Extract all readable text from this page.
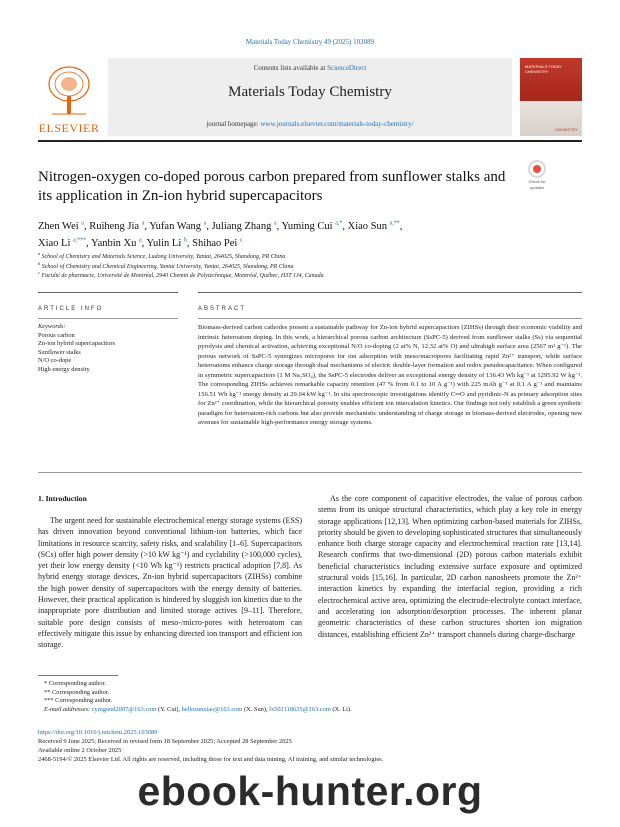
Materials Today Chemistry 49 (2025) 103089
ELSEVIER
Contents lists available at ScienceDirect
Materials Today Chemistry
journal homepage: www.journals.elsevier.com/materials-today-chemistry/
MATERIALS TODAY CHEMISTRY
CHEMISTRY
Nitrogen-oxygen co-doped porous carbon prepared from sunflower stalks and its application in Zn-ion hybrid supercapacitors
Check for
updates
Zhen Wei $^a$, Ruiheng Jia $^a$, Yufan Wang $^a$, Juliang Zhang $^a$, Yuming Cui $^{a,*}$, Xiao Sun $^{a,**}$,
Xiao Li $^{a,***}$, Yanbin Xu $^a$, Yulin Li $^b$, Shihao Pei $^c$
$^a$ School of Chemistry and Materials Science, Ludong University, Yantai, 264025, Shandong, PR China
$^b$ School of Chemistry and Chemical Engineering, Yantai University, Yantai, 264025, Shandong, PR China
$^c$ Faculté de pharmacie, Université de Montréal, 2940 Chemin de Polytechnique, Montréal, Québec, H3T 1J4, Canada
ARTICLE INFO	ABSTRACT
Keywords:
Porous carbon
Zn-ion hybrid supercapacitors
Sunflower stalks
N/O co-dope
High energy density
Biomass-derived carbon cathodes present a sustainable pathway for Zn-ion hybrid supercapacitors (ZIHSs) through their economic viability and intrinsic heteroatom doping. In this work, a hierarchical porous carbon architecture (SsPC-5) derived from sunflower stalks (Ss) via sequential pyrolysis and chemical activation, achieving exceptional N/O co-doping (2 at% N, 12.32 at% O) and ultrahigh surface area (2567 m² g⁻¹). The porous network of SsPC-5 synergizes micropores for ion adsorption with meso/macropores facilitating rapid Zn²⁺ transport, while surface heteroatoms enhance charge storage through dual mechanisms of electric double-layer formation and redox pseudocapacitance. When configured in symmetric supercapacitors (1 M Na₂SO₄), the SsPC-5 electrodes deliver an exceptional energy density of 136.43 Wh kg⁻¹ at 1295.92 W kg⁻¹. The corresponding ZIHSs achieves remarkable capacity retention (47 % from 0.1 to 10 A g⁻¹) with 225 mAh g⁻¹ at 0.1 A g⁻¹ and maintains 156.51 Wh kg⁻¹ energy density at 29.04 kW kg⁻¹. In situ spectroscopic investigations identify C═O and pyridinic-N as primary adsorption sites for Zn²⁺ coordination, while the hierarchical porosity enables efficient ion intercalation kinetics. Our findings not only establish a green synthetic paradigm for heteroatom-rich carbons but also provide mechanistic understanding of charge storage in biomass-derived electrodes, opening new avenues for sustainable high-performance energy storage systems.
1. Introduction
The urgent need for sustainable electrochemical energy storage systems (ESS) has driven innovation beyond conventional lithium-ion batteries, which face limitations in resource scarcity, safety risks, and scalability [1–6]. Supercapacitors (SCs) offer high power density (>10 kW kg⁻¹) and cyclability (>100,000 cycles), yet their low energy density (<10 Wh kg⁻¹) restricts practical adoption [7,8]. As hybrid energy storage devices, Zn-ion hybrid supercapacitors (ZIHSs) combine the high power density of supercapacitors with the energy density of batteries. However, their practical application is hindered by sluggish ion kinetics due to the inappropriate pore distribution and limited storage actives [9–11]. Therefore, suitable pore design consists of meso-/micro-pores with heteroatom can effectively mitigate this issue by enhancing directed ion transport and efficient ion storage.
As the core component of capacitive electrodes, the value of porous carbon stems from its unique structural characteristics, which play a key role in energy storage applications [12,13]. When optimizing carbon-based materials for ZIHSs, priority should be given to developing sophisticated structures that simultaneously enhance both charge storage capacity and electrochemical reaction rate [13,14]. Research confirms that two-dimensional (2D) porous carbon materials exhibit beneficial characteristics including extensive surface exposure and optimized structural voids [15,16]. In particular, 2D carbon nanosheets promote the Zn²⁺ interaction kinetics by expanding the interfacial region, providing a rich electrochemical active area, optimizing the electrode-electrolyte contact interface, and accelerating ion adsorption/desorption processes. The inherent planar geometric characteristics of these carbon structures shorten ion migration distances, establishing efficient Zn²⁺ transport channels during charge-discharge
* Corresponding author.
** Corresponding author.
*** Corresponding author.
E-mail addresses: cymgood2007@163.com (Y. Cui), hellosunxiao@163.com (X. Sun), lx502118635@163.com (X. Li).
https://doi.org/10.1016/j.mtchem.2025.103089
Received 9 June 2025; Received in revised form 18 September 2025; Accepted 28 September 2025
Available online 2 October 2025
2468-5194/© 2025 Elsevier Ltd. All rights are reserved, including those for text and data mining, AI training, and similar technologies.
ebook-hunter.org
